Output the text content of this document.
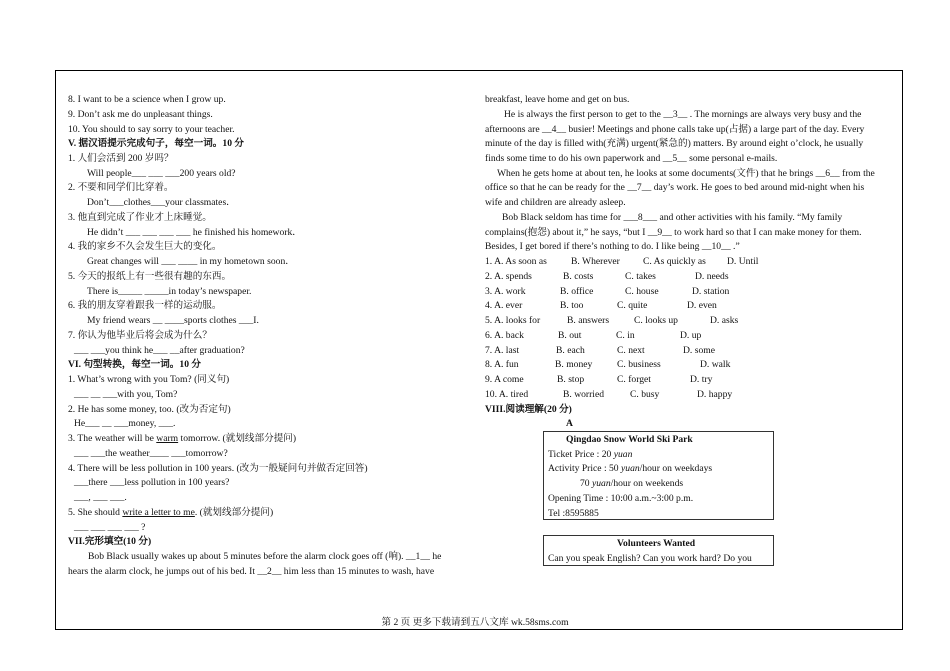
8. I want to be a science when I grow up.
9. Don’t ask me do unpleasant things.
10. You should to say sorry to your teacher.
V. 据汉语提示完成句子，每空一词。10 分
1. 人们会活到 200 岁吗？
Will people___ ___ ___200 years old?
2. 不要和同学们比穿着。
Don’t___clothes___your classmates．
3. 他直到完成了作业才上床睡觉。
He didn’t ___ ___ ___ ___ he finished his homework．
4. 我的家乡不久会发生巨大的变化。
Great changes will ___ ____ in my hometown soon．
5. 今天的报纸上有一些很有趣的东西。
There is_____ _____in today’s newspaper.
6. 我的朋友穿着跟我一样的运动服。
My friend wears __ ____sports clothes ___I.
7. 你认为他毕业后将会成为什么？
___ ___you think he___ __after graduation?
VI. 句型转换，每空一词。10 分
1. What’s wrong with you Tom? (同义句)
___ __ ___with you, Tom?
2. He has some money, too. (改为否定句)
He___ __ ___money, ___.
3. The weather will be warm tomorrow. (就划线部分提问)
___ ___the weather____ ___tomorrow?
4. There will be less pollution in 100 years. (改为一般疑问句并做否定回答)
___there ___less pollution in 100 years?
___, ___ ___.
5. She should write a letter to me. (就划线部分提问)
___ ___ ___ ___ ?
VII.完形填空(10 分)
Bob Black usually wakes up about 5 minutes before the alarm clock goes off (响). __1__ he
hears the alarm clock, he jumps out of his bed. It __2__ him less than 15 minutes to wash, have
breakfast, leave home and get on bus.
He is always the first person to get to the __3__ . The mornings are always very busy and the
afternoons are __4__ busier! Meetings and phone calls take up(占据) a large part of the day. Every
minute of the day is filled with(充满) urgent(紧急的) matters. By around eight o’clock, he usually
finds some time to do his own paperwork and __5__ some personal e-mails.
When he gets home at about ten, he looks at some documents(文件) that he brings __6__ from the
office so that he can be ready for the __7__ day’s work. He goes to bed around mid-night when his
wife and children are already asleep.
Bob Black seldom has time for ___8___ and other activities with his family. “My family
complains(抱怨) about it,” he says, “but I __9__ to work hard so that I can make money for them.
Besides, I get bored if there’s nothing to do. I like being __10__ .”
1. A. As soon as	B. Wherever C. As quickly as D. Until
2. A. spends	B. costs	C. takes	D. needs
3. A. work	B. office	C. house	D. station
4. A. ever	B. too	C. quite	D. even
5. A. looks for	B. answers	C. looks up	D. asks
6. A. back	B. out	C. in	D. up
7. A. last	B. each	C. next	D. some
8. A. fun	B. money	C. business	D. walk
9. A come	B. stop	C. forget	D. try
10. A. tired	B. worried	C. busy	D. happy
VIII.阅读理解(20 分)
A
Qingdao Snow World Ski Park
Ticket Price : 20 yuan
Activity Price : 50 yuan/hour on weekdays
70 yuan/hour on weekends
Opening Time : 10:00 a.m.~3:00 p.m.
Tel :8595885
Volunteers Wanted
Can you speak English? Can you work hard? Do you
第 2 页 更多下载请到五八文库 wk.58sms.com
